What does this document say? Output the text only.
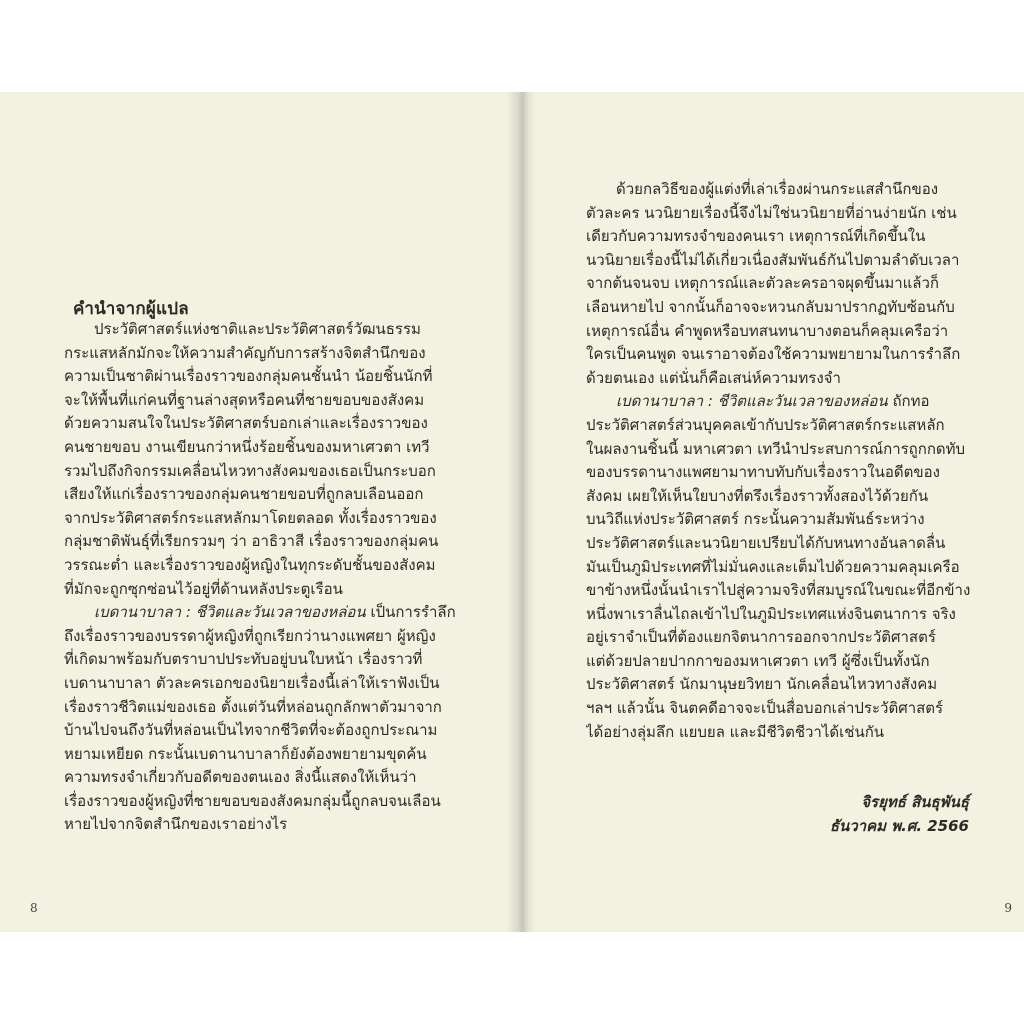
คำนำจากผู้แปล
ประวัติศาสตร์แห่งชาติและประวัติศาสตร์วัฒนธรรม
กระแสหลักมักจะให้ความสำคัญกับการสร้างจิตสำนึกของ
ความเป็นชาติผ่านเรื่องราวของกลุ่มคนชั้นนำ น้อยชิ้นนักที่
จะให้พื้นที่แก่คนที่ฐานล่างสุดหรือคนที่ชายขอบของสังคม
ด้วยความสนใจในประวัติศาสตร์บอกเล่าและเรื่องราวของ
คนชายขอบ งานเขียนกว่าหนึ่งร้อยชิ้นของมหาเศวตา เทวี
รวมไปถึงกิจกรรมเคลื่อนไหวทางสังคมของเธอเป็นกระบอก
เสียงให้แก่เรื่องราวของกลุ่มคนชายขอบที่ถูกลบเลือนออก
จากประวัติศาสตร์กระแสหลักมาโดยตลอด ทั้งเรื่องราวของ
กลุ่มชาติพันธุ์ที่เรียกรวมๆ ว่า อาธิวาสี เรื่องราวของกลุ่มคน
วรรณะต่ำ และเรื่องราวของผู้หญิงในทุกระดับชั้นของสังคม
ที่มักจะถูกซุกซ่อนไว้อยู่ที่ด้านหลังประตูเรือน
เบดานาบาลา : ชีวิตและวันเวลาของหล่อน เป็นการรำลึก
ถึงเรื่องราวของบรรดาผู้หญิงที่ถูกเรียกว่านางแพศยา ผู้หญิง
ที่เกิดมาพร้อมกับตราบาปประทับอยู่บนใบหน้า เรื่องราวที่
เบดานาบาลา ตัวละครเอกของนิยายเรื่องนี้เล่าให้เราฟังเป็น
เรื่องราวชีวิตแม่ของเธอ ตั้งแต่วันที่หล่อนถูกลักพาตัวมาจาก
บ้านไปจนถึงวันที่หล่อนเป็นไทจากชีวิตที่จะต้องถูกประณาม
หยามเหยียด กระนั้นเบดานาบาลาก็ยังต้องพยายามขุดค้น
ความทรงจำเกี่ยวกับอดีตของตนเอง สิ่งนี้แสดงให้เห็นว่า
เรื่องราวของผู้หญิงที่ชายขอบของสังคมกลุ่มนี้ถูกลบจนเลือน
หายไปจากจิตสำนึกของเราอย่างไร
8
ด้วยกลวิธีของผู้แต่งที่เล่าเรื่องผ่านกระแสสำนึกของ
ตัวละคร นวนิยายเรื่องนี้จึงไม่ใช่นวนิยายที่อ่านง่ายนัก เช่น
เดียวกับความทรงจำของคนเรา เหตุการณ์ที่เกิดขึ้นใน
นวนิยายเรื่องนี้ไม่ได้เกี่ยวเนื่องสัมพันธ์กันไปตามลำดับเวลา
จากต้นจนจบ เหตุการณ์และตัวละครอาจผุดขึ้นมาแล้วก็
เลือนหายไป จากนั้นก็อาจจะหวนกลับมาปรากฏทับซ้อนกับ
เหตุการณ์อื่น คำพูดหรือบทสนทนาบางตอนก็คลุมเครือว่า
ใครเป็นคนพูด จนเราอาจต้องใช้ความพยายามในการรำลึก
ด้วยตนเอง แต่นั่นก็คือเสน่ห์ความทรงจำ
เบดานาบาลา : ชีวิตและวันเวลาของหล่อน ถักทอ
ประวัติศาสตร์ส่วนบุคคลเข้ากับประวัติศาสตร์กระแสหลัก
ในผลงานชิ้นนี้ มหาเศวตา เทวีนำประสบการณ์การถูกกดทับ
ของบรรดานางแพศยามาทาบทับกับเรื่องราวในอดีตของ
สังคม เผยให้เห็นใยบางที่ตรึงเรื่องราวทั้งสองไว้ด้วยกัน
บนวิถีแห่งประวัติศาสตร์ กระนั้นความสัมพันธ์ระหว่าง
ประวัติศาสตร์และนวนิยายเปรียบได้กับหนทางอันลาดลื่น
มันเป็นภูมิประเทศที่ไม่มั่นคงและเต็มไปด้วยความคลุมเครือ
ขาข้างหนึ่งนั้นนำเราไปสู่ความจริงที่สมบูรณ์ในขณะที่อีกข้าง
หนึ่งพาเราลื่นไถลเข้าไปในภูมิประเทศแห่งจินตนาการ จริง
อยู่เราจำเป็นที่ต้องแยกจิตนาการออกจากประวัติศาสตร์
แต่ด้วยปลายปากกาของมหาเศวตา เทวี ผู้ซึ่งเป็นทั้งนัก
ประวัติศาสตร์ นักมานุษยวิทยา นักเคลื่อนไหวทางสังคม
ฯลฯ แล้วนั้น จินตคดีอาจจะเป็นสื่อบอกเล่าประวัติศาสตร์
ได้อย่างลุ่มลึก แยบยล และมีชีวิตชีวาได้เช่นกัน
จิรยุทธ์ สินธุพันธุ์
ธันวาคม พ.ศ. 2566
9
